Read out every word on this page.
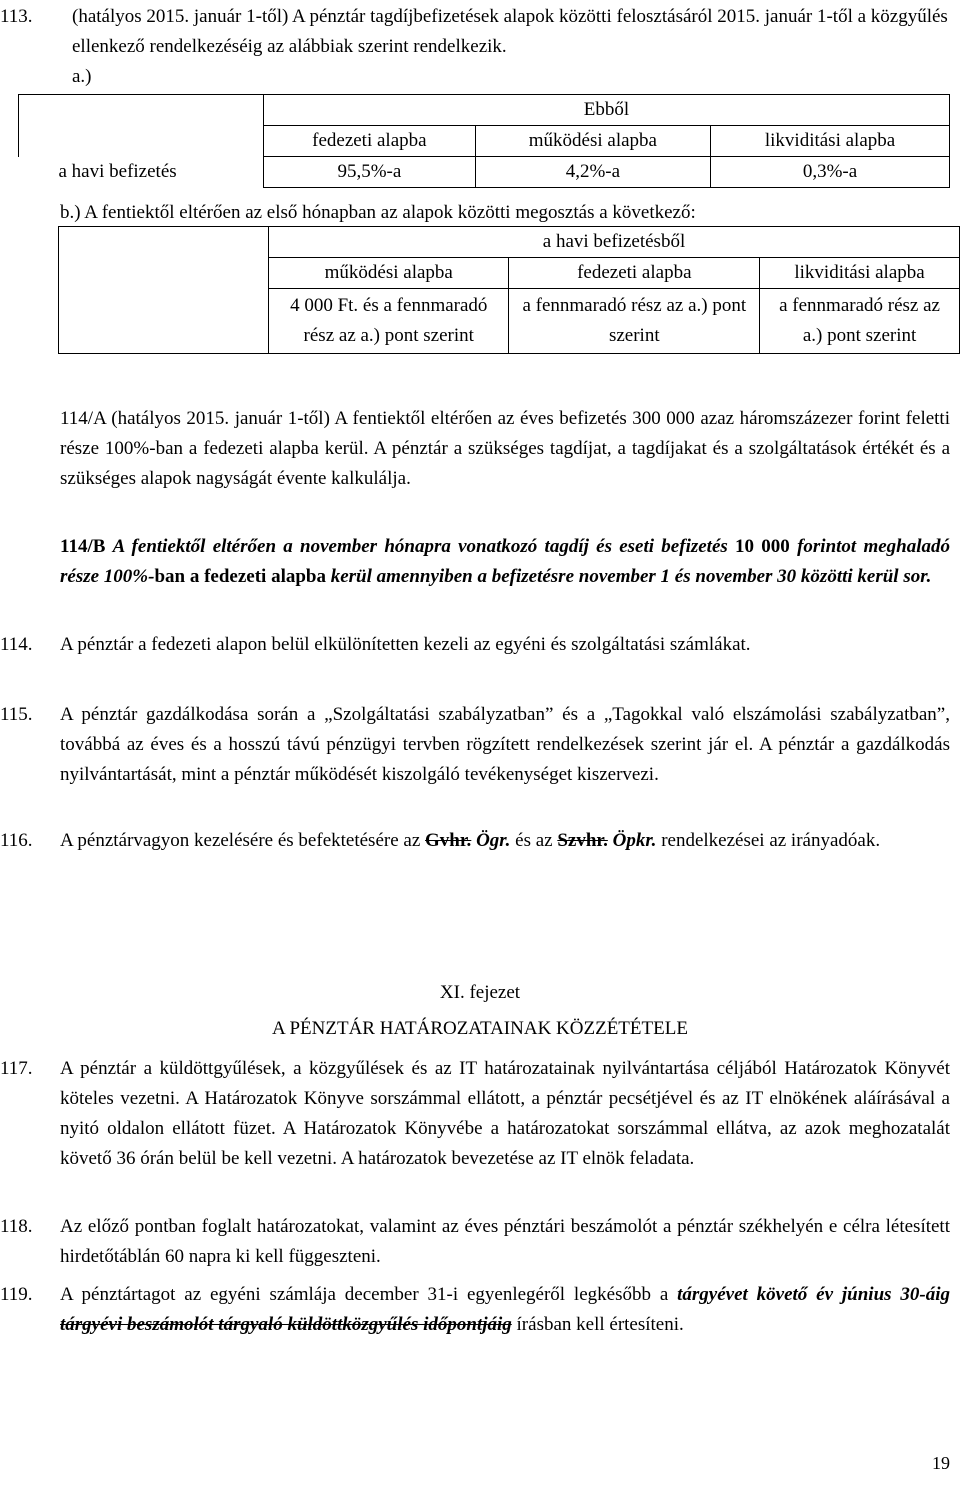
113.	(hatályos 2015. január 1-től) A pénztár tagdíjbefizetések alapok közötti felosztásáról 2015. január 1-től a közgyűlés ellenkező rendelkezéséig az alábbiak szerint rendelkezik.
a.)
	Ebből		
	fedezeti alapba	működési alapba	likviditási alapba
a havi befizetés	95,5%-a	4,2%-a	0,3%-a
b.) A fentiektől eltérően az első hónapban az alapok közötti megosztás a következő:
	a havi befizetésből		
	működési alapba	fedezeti alapba	likviditási alapba
	4 000 Ft. és a fennmaradó rész az a.) pont szerint	a fennmaradó rész az a.) pont szerint	a fennmaradó rész az a.) pont szerint
114/A (hatályos 2015. január 1-től) A fentiektől eltérően az éves befizetés 300 000 azaz háromszázezer forint feletti része 100%-ban a fedezeti alapba kerül. A pénztár a szükséges tagdíjat, a tagdíjakat és a szolgáltatások értékét és a szükséges alapok nagyságát évente kalkulálja.
114/B A fentiektől eltérően a november hónapra vonatkozó tagdíj és eseti befizetés 10 000 forintot meghaladó része 100%-ban a fedezeti alapba kerül amennyiben a befizetésre november 1 és november 30 közötti kerül sor.
114.	A pénztár a fedezeti alapon belül elkülönítetten kezeli az egyéni és szolgáltatási számlákat.
115.	A pénztár gazdálkodása során a „Szolgáltatási szabályzatban” és a „Tagokkal való elszámolási szabályzatban”, továbbá az éves és a hosszú távú pénzügyi tervben rögzített rendelkezések szerint jár el. A pénztár a gazdálkodás nyilvántartását, mint a pénztár működését kiszolgáló tevékenységet kiszervezi.
116.	A pénztárvagyon kezelésére és befektetésére az Gvhr. Ögr. és az Szvhr. Öpkr. rendelkezései az irányadóak.
XI. fejezet
A PÉNZTÁR HATÁROZATAINAK KÖZZÉTÉTELE
117.	A pénztár a küldöttgyűlések, a közgyűlések és az IT határozatainak nyilvántartása céljából Határozatok Könyvét köteles vezetni. A Határozatok Könyve sorszámmal ellátott, a pénztár pecsétjével és az IT elnökének aláírásával a nyitó oldalon ellátott füzet. A Határozatok Könyvébe a határozatokat sorszámmal ellátva, az azok meghozatalát követő 36 órán belül be kell vezetni. A határozatok bevezetése az IT elnök feladata.
118.	Az előző pontban foglalt határozatokat, valamint az éves pénztári beszámolót a pénztár székhelyén e célra létesített hirdetőtáblán 60 napra ki kell függeszteni.
119.	A pénztártagot az egyéni számlája december 31-i egyenlegéről legkésőbb a tárgyévet követő év június 30-áig tárgyévi beszámolót tárgyaló küldöttközgyűlés időpontjáig írásban kell értesíteni.
19
